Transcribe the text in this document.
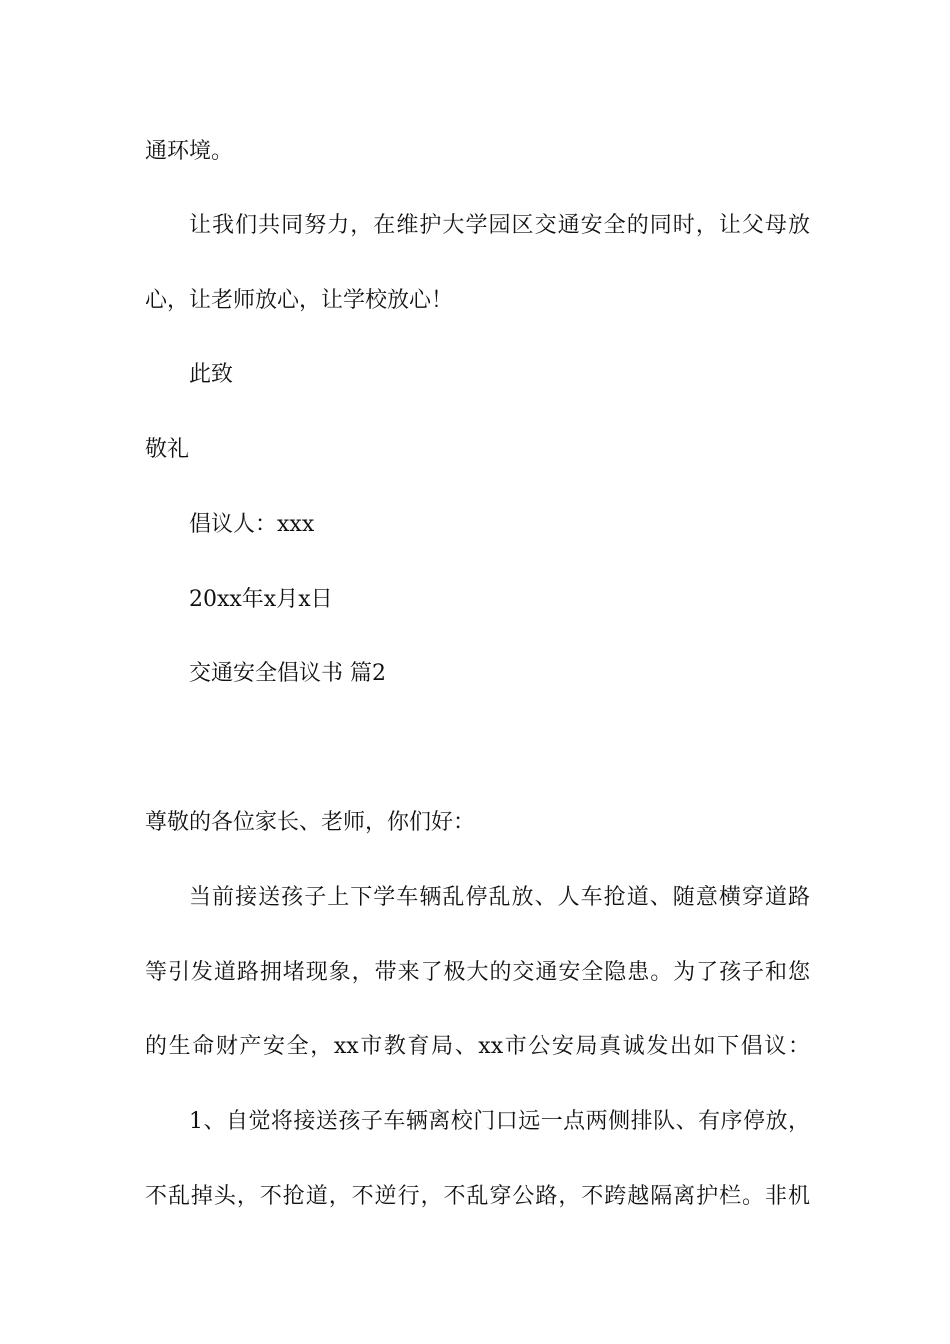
通环境。
让我们共同努力，在维护大学园区交通安全的同时，让父母放
心，让老师放心，让学校放心！
此致
敬礼
倡议人：xxx
20xx年x月x日
交通安全倡议书 篇2
尊敬的各位家长、老师，你们好：
当前接送孩子上下学车辆乱停乱放、人车抢道、随意横穿道路
等引发道路拥堵现象，带来了极大的交通安全隐患。为了孩子和您
的生命财产安全，xx市教育局、xx市公安局真诚发出如下倡议：
1、自觉将接送孩子车辆离校门口远一点两侧排队、有序停放，
不乱掉头，不抢道，不逆行，不乱穿公路，不跨越隔离护栏。非机
